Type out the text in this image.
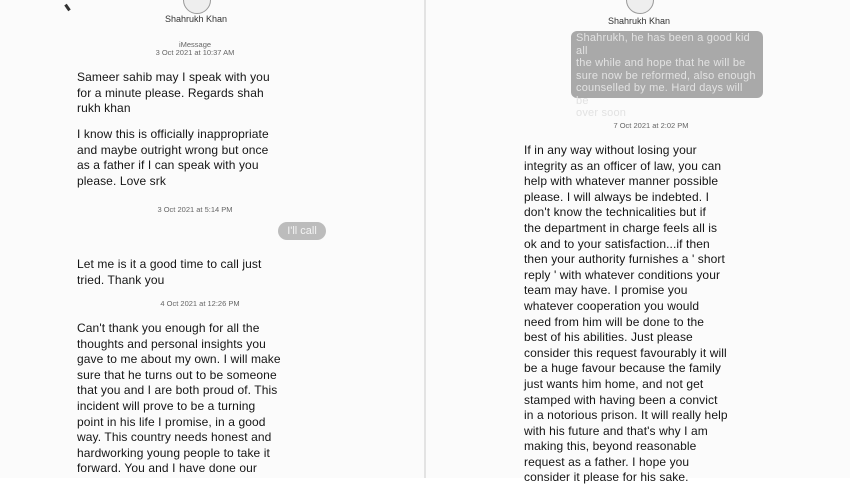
Shahrukh Khan
iMessage
3 Oct 2021 at 10:37 AM

Sameer sahib may I speak with you
for a minute please. Regards shah
rukh khan

I know this is officially inappropriate
and maybe outright wrong but once
as a father if I can speak with you
please. Love srk

3 Oct 2021 at 5:14 PM
I'll call

Let me is it a good time to call just
tried. Thank you

4 Oct 2021 at 12:26 PM

Can't thank you enough for all the
thoughts and personal insights you
gave to me about my own. I will make
sure that he turns out to be someone
that you and I are both proud of. This
incident will prove to be a turning
point in his life I promise, in a good
way. This country needs honest and
hardworking young people to take it
forward. You and I have done our

Shahrukh Khan
Shahrukh, he has been a good kid all
the while and hope that he will be
sure now be reformed, also enough
counselled by me. Hard days will be
over soon
7 Oct 2021 at 2:02 PM

If in any way without losing your
integrity as an officer of law, you can
help with whatever manner possible
please. I will always be indebted. I
don't know the technicalities but if
the department in charge feels all is
ok and to your satisfaction...if then
then your authority furnishes a ' short
reply ' with whatever conditions your
team may have. I promise you
whatever cooperation you would
need from him will be done to the
best of his abilities. Just please
consider this request favourably it will
be a huge favour because the family
just wants him home, and not get
stamped with having been a convict
in a notorious prison. It will really help
with his future and that's why I am
making this, beyond reasonable
request as a father. I hope you
consider it please for his sake.
